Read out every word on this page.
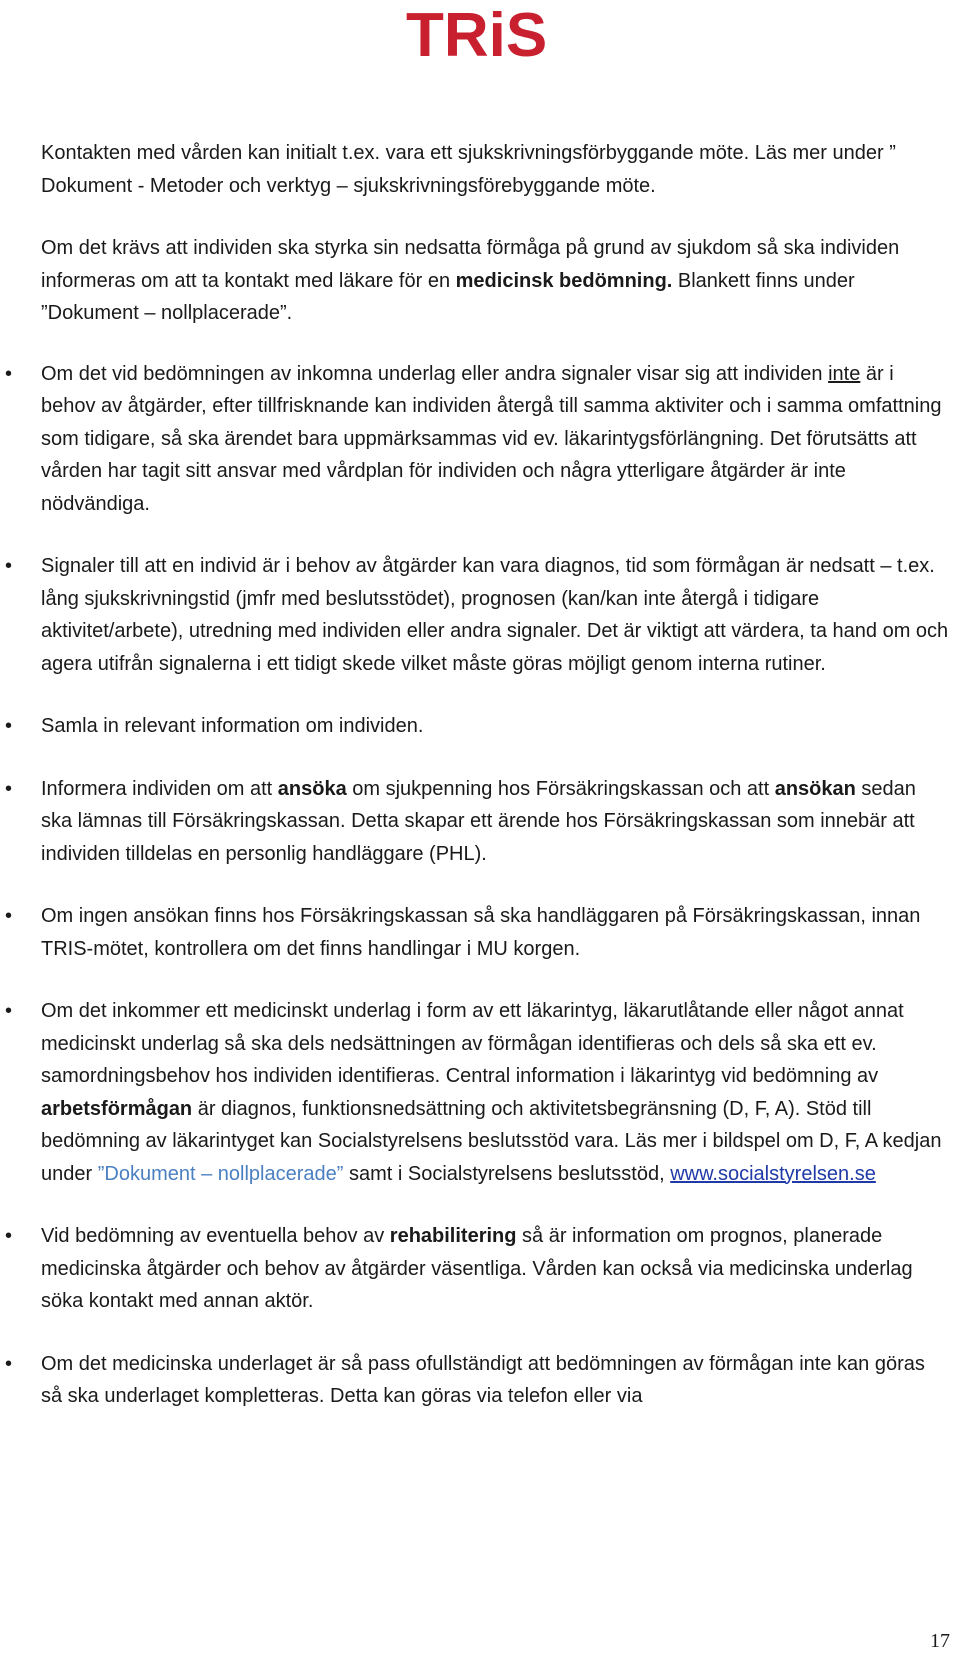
TRiS

Kontakten med vården kan initialt t.ex. vara ett sjukskrivningsförbyggande möte. Läs mer under ” Dokument - Metoder och verktyg – sjukskrivningsförebyggande möte.

Om det krävs att individen ska styrka sin nedsatta förmåga på grund av sjukdom så ska individen informeras om att ta kontakt med läkare för en medicinsk bedömning. Blankett finns under ”Dokument – nollplacerade”.

• Om det vid bedömningen av inkomna underlag eller andra signaler visar sig att individen inte är i behov av åtgärder, efter tillfrisknande kan individen återgå till samma aktiviter och i samma omfattning som tidigare, så ska ärendet bara uppmärksammas vid ev. läkarintygsförlängning. Det förutsätts att vården har tagit sitt ansvar med vårdplan för individen och några ytterligare åtgärder är inte nödvändiga.
• Signaler till att en individ är i behov av åtgärder kan vara diagnos, tid som förmågan är nedsatt – t.ex. lång sjukskrivningstid (jmfr med beslutsstödet), prognosen (kan/kan inte återgå i tidigare aktivitet/arbete), utredning med individen eller andra signaler. Det är viktigt att värdera, ta hand om och agera utifrån signalerna i ett tidigt skede vilket måste göras möjligt genom interna rutiner.
• Samla in relevant information om individen.
• Informera individen om att ansöka om sjukpenning hos Försäkringskassan och att ansökan sedan ska lämnas till Försäkringskassan. Detta skapar ett ärende hos Försäkringskassan som innebär att individen tilldelas en personlig handläggare (PHL).
• Om ingen ansökan finns hos Försäkringskassan så ska handläggaren på Försäkringskassan, innan TRIS-mötet, kontrollera om det finns handlingar i MU korgen.
• Om det inkommer ett medicinskt underlag i form av ett läkarintyg, läkarutlåtande eller något annat medicinskt underlag så ska dels nedsättningen av förmågan identifieras och dels så ska ett ev. samordningsbehov hos individen identifieras. Central information i läkarintyg vid bedömning av arbetsförmågan är diagnos, funktionsnedsättning och aktivitetsbegränsning (D, F, A). Stöd till bedömning av läkarintyget kan Socialstyrelsens beslutsstöd vara. Läs mer i bildspel om D, F, A kedjan under ”Dokument – nollplacerade” samt i Socialstyrelsens beslutsstöd, www.socialstyrelsen.se
• Vid bedömning av eventuella behov av rehabilitering så är information om prognos, planerade medicinska åtgärder och behov av åtgärder väsentliga. Vården kan också via medicinska underlag söka kontakt med annan aktör.
• Om det medicinska underlaget är så pass ofullständigt att bedömningen av förmågan inte kan göras så ska underlaget kompletteras. Detta kan göras via telefon eller via
17
